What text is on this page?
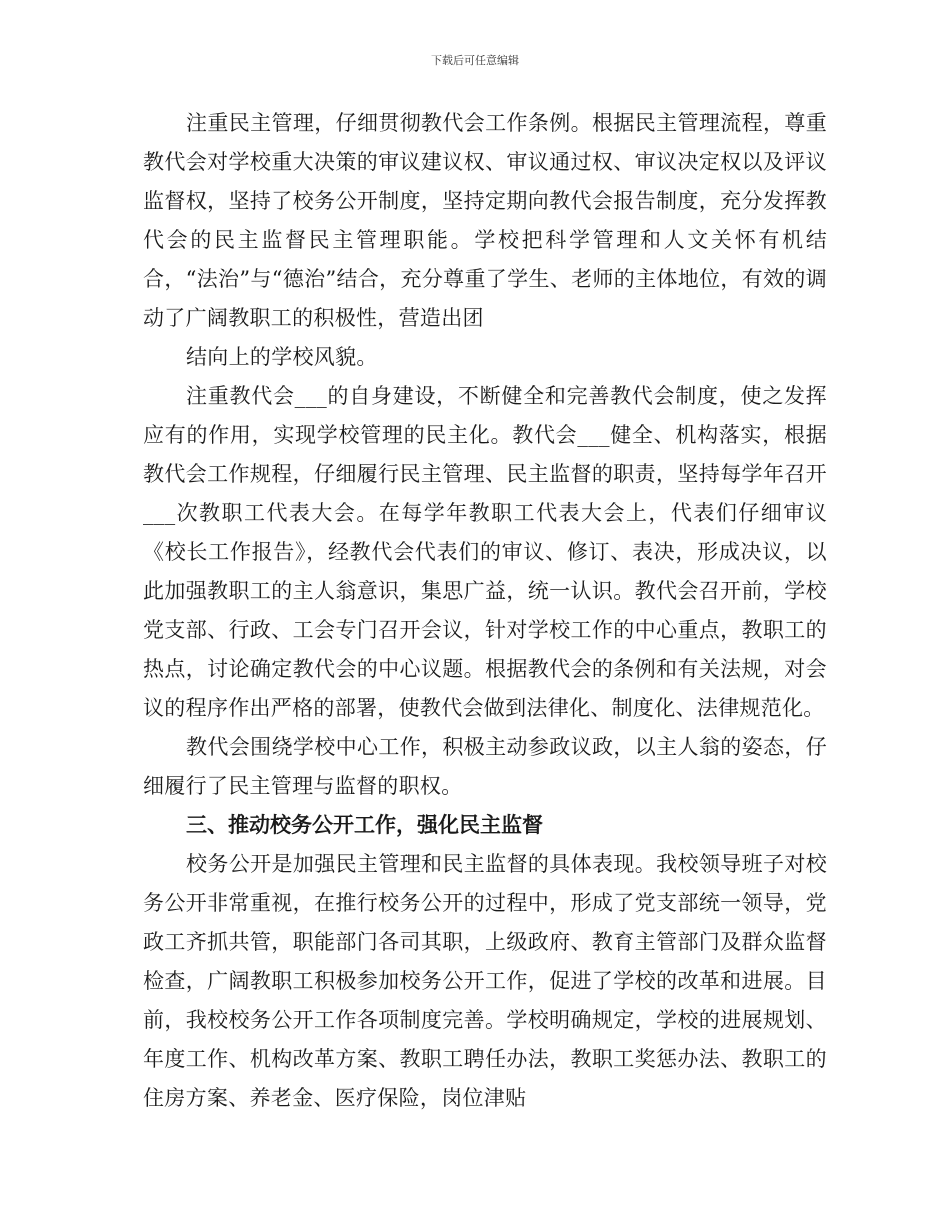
下载后可任意编辑

注重民主管理，仔细贯彻教代会工作条例。根据民主管理流程，尊重教代会对学校重大决策的审议建议权、审议通过权、审议决定权以及评议监督权，坚持了校务公开制度，坚持定期向教代会报告制度，充分发挥教代会的民主监督民主管理职能。学校把科学管理和人文关怀有机结合，“法治”与“德治”结合，充分尊重了学生、老师的主体地位，有效的调动了广阔教职工的积极性，营造出团

结向上的学校风貌。

注重教代会___的自身建设，不断健全和完善教代会制度，使之发挥应有的作用，实现学校管理的民主化。教代会___健全、机构落实，根据教代会工作规程，仔细履行民主管理、民主监督的职责，坚持每学年召开___次教职工代表大会。在每学年教职工代表大会上，代表们仔细审议《校长工作报告》，经教代会代表们的审议、修订、表决，形成决议，以此加强教职工的主人翁意识，集思广益，统一认识。教代会召开前，学校党支部、行政、工会专门召开会议，针对学校工作的中心重点，教职工的热点，讨论确定教代会的中心议题。根据教代会的条例和有关法规，对会议的程序作出严格的部署，使教代会做到法律化、制度化、法律规范化。

教代会围绕学校中心工作，积极主动参政议政，以主人翁的姿态，仔细履行了民主管理与监督的职权。

三、推动校务公开工作，强化民主监督

校务公开是加强民主管理和民主监督的具体表现。我校领导班子对校务公开非常重视，在推行校务公开的过程中，形成了党支部统一领导，党政工齐抓共管，职能部门各司其职，上级政府、教育主管部门及群众监督检查，广阔教职工积极参加校务公开工作，促进了学校的改革和进展。目前，我校校务公开工作各项制度完善。学校明确规定，学校的进展规划、年度工作、机构改革方案、教职工聘任办法，教职工奖惩办法、教职工的住房方案、养老金、医疗保险，岗位津贴
